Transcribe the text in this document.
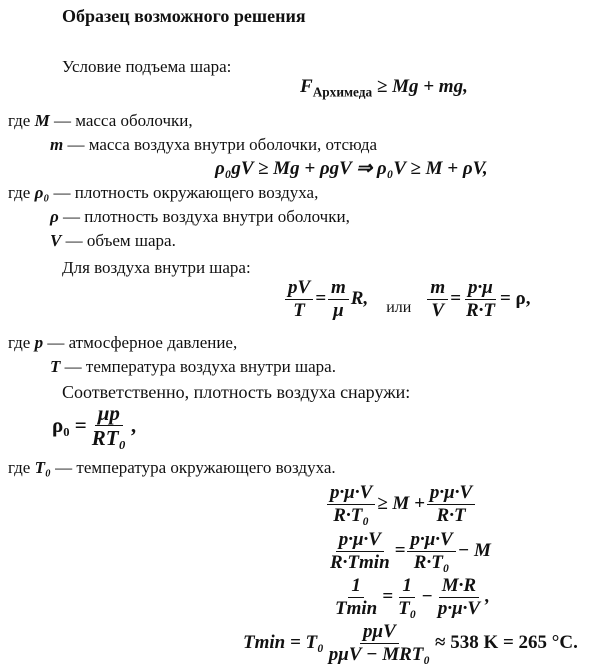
Образец возможного решения
Условие подъема шара:
$F_{Архимеда} \ge Mg$ + mg,
где M — масса оболочки,
m — масса воздуха внутри оболочки, отсюда
ρ₀gV ≥ Mg + ρgV ⇒ ρ₀V ≥ M + ρV,
где ρ₀ — плотность окружающего воздуха,
ρ — плотность воздуха внутри оболочки,
V — объем шара.
Для воздуха внутри шара:
$\frac{pV}{T} = \frac{m}{\mu} R$, или $\frac{m}{V} = \frac{p\cdot\mu}{R\cdot T} = \rho$,
где p — атмосферное давление,
T — температура воздуха внутри шара.
Соответственно, плотность воздуха снаружи:
$\rho_0 = \frac{\mu p}{\text{RT₀}}$ ,
где T₀ — температура окружающего воздуха.
$\frac{p\cdot\mu\cdot V}{\text{R·T₀}} \ge M + \frac{p\cdot\mu\cdot V}{R\cdot T}$
$\frac{p\cdot\mu\cdot V}{R\cdot Tmin} = \frac{p\cdot\mu\cdot V}{\text{R·T₀}} - M$
$\frac{1}{Tmin} = \frac{1}{\text{T₀}} - \frac{M\cdot R}{p\cdot\mu\cdot V}$ ,
$Tmin = T_0 \frac{\text{pμV}}{\text{pμV − MRT₀}} \approx 538$ K = 265 °C.
